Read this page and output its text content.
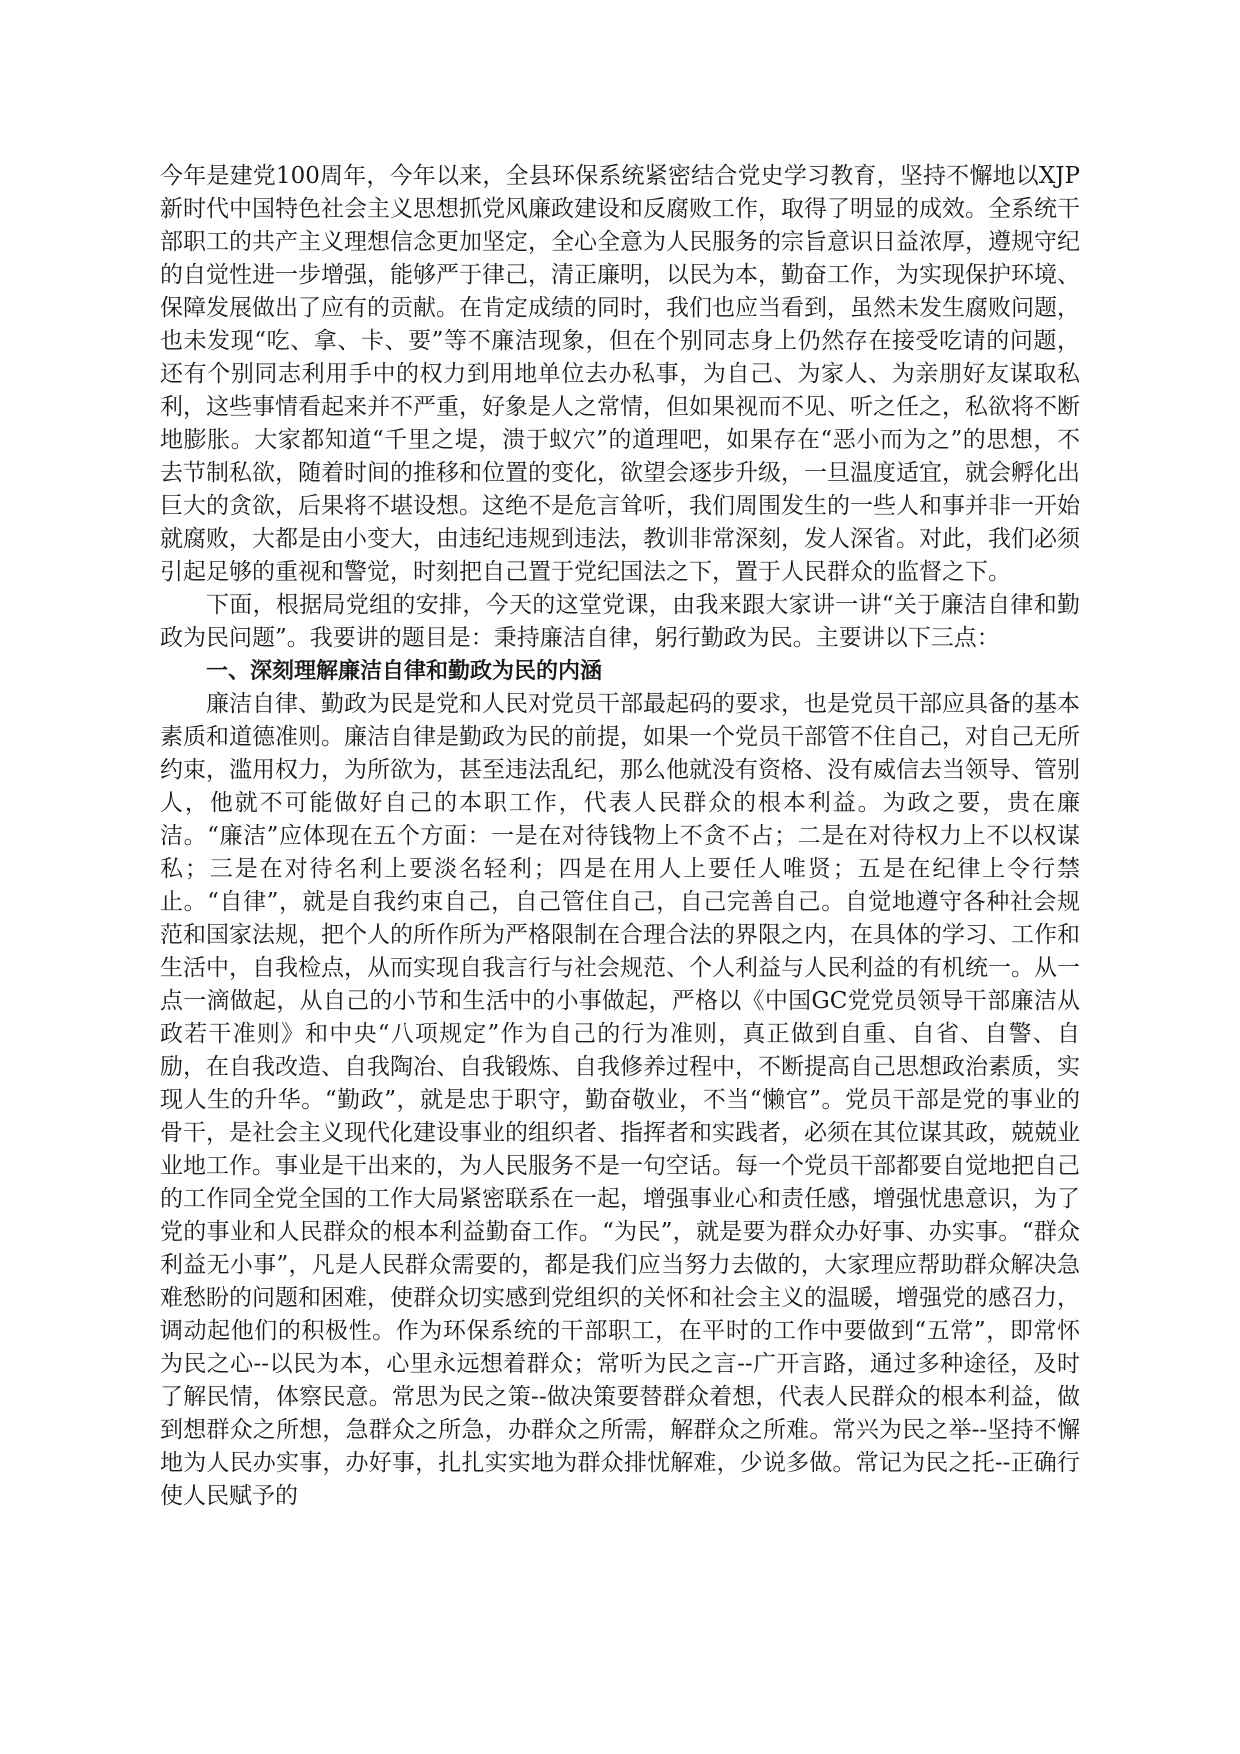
今年是建党100周年，今年以来，全县环保系统紧密结合党史学习教育，坚持不懈地以XJP新时代中国特色社会主义思想抓党风廉政建设和反腐败工作，取得了明显的成效。全系统干部职工的共产主义理想信念更加坚定，全心全意为人民服务的宗旨意识日益浓厚，遵规守纪的自觉性进一步增强，能够严于律己，清正廉明，以民为本，勤奋工作，为实现保护环境、保障发展做出了应有的贡献。在肯定成绩的同时，我们也应当看到，虽然未发生腐败问题，也未发现“吃、拿、卡、要”等不廉洁现象，但在个别同志身上仍然存在接受吃请的问题，还有个别同志利用手中的权力到用地单位去办私事，为自己、为家人、为亲朋好友谋取私利，这些事情看起来并不严重，好象是人之常情，但如果视而不见、听之任之，私欲将不断地膨胀。大家都知道“千里之堤，溃于蚁穴”的道理吧，如果存在“恶小而为之”的思想，不去节制私欲，随着时间的推移和位置的变化，欲望会逐步升级，一旦温度适宜，就会孵化出巨大的贪欲，后果将不堪设想。这绝不是危言耸听，我们周围发生的一些人和事并非一开始就腐败，大都是由小变大，由违纪违规到违法，教训非常深刻，发人深省。对此，我们必须引起足够的重视和警觉，时刻把自己置于党纪国法之下，置于人民群众的监督之下。

下面，根据局党组的安排，今天的这堂党课，由我来跟大家讲一讲“关于廉洁自律和勤政为民问题”。我要讲的题目是：秉持廉洁自律，躬行勤政为民。主要讲以下三点：

一、深刻理解廉洁自律和勤政为民的内涵

廉洁自律、勤政为民是党和人民对党员干部最起码的要求，也是党员干部应具备的基本素质和道德准则。廉洁自律是勤政为民的前提，如果一个党员干部管不住自己，对自己无所约束，滥用权力，为所欲为，甚至违法乱纪，那么他就没有资格、没有威信去当领导、管别人，他就不可能做好自己的本职工作，代表人民群众的根本利益。为政之要，贵在廉洁。“廉洁”应体现在五个方面：一是在对待钱物上不贪不占；二是在对待权力上不以权谋私；三是在对待名利上要淡名轻利；四是在用人上要任人唯贤；五是在纪律上令行禁止。“自律”，就是自我约束自己，自己管住自己，自己完善自己。自觉地遵守各种社会规范和国家法规，把个人的所作所为严格限制在合理合法的界限之内，在具体的学习、工作和生活中，自我检点，从而实现自我言行与社会规范、个人利益与人民利益的有机统一。从一点一滴做起，从自己的小节和生活中的小事做起，严格以《中国GC党党员领导干部廉洁从政若干准则》和中央“八项规定”作为自己的行为准则，真正做到自重、自省、自警、自励，在自我改造、自我陶冶、自我锻炼、自我修养过程中，不断提高自己思想政治素质，实现人生的升华。“勤政”，就是忠于职守，勤奋敬业，不当“懒官”。党员干部是党的事业的骨干，是社会主义现代化建设事业的组织者、指挥者和实践者，必须在其位谋其政，兢兢业业地工作。事业是干出来的，为人民服务不是一句空话。每一个党员干部都要自觉地把自己的工作同全党全国的工作大局紧密联系在一起，增强事业心和责任感，增强忧患意识，为了党的事业和人民群众的根本利益勤奋工作。“为民”，就是要为群众办好事、办实事。“群众利益无小事”，凡是人民群众需要的，都是我们应当努力去做的，大家理应帮助群众解决急难愁盼的问题和困难，使群众切实感到党组织的关怀和社会主义的温暖，增强党的感召力，调动起他们的积极性。作为环保系统的干部职工，在平时的工作中要做到“五常”，即常怀为民之心--以民为本，心里永远想着群众；常听为民之言--广开言路，通过多种途径，及时了解民情，体察民意。常思为民之策--做决策要替群众着想，代表人民群众的根本利益，做到想群众之所想，急群众之所急，办群众之所需，解群众之所难。常兴为民之举--坚持不懈地为人民办实事，办好事，扎扎实实地为群众排忧解难，少说多做。常记为民之托--正确行使人民赋予的
